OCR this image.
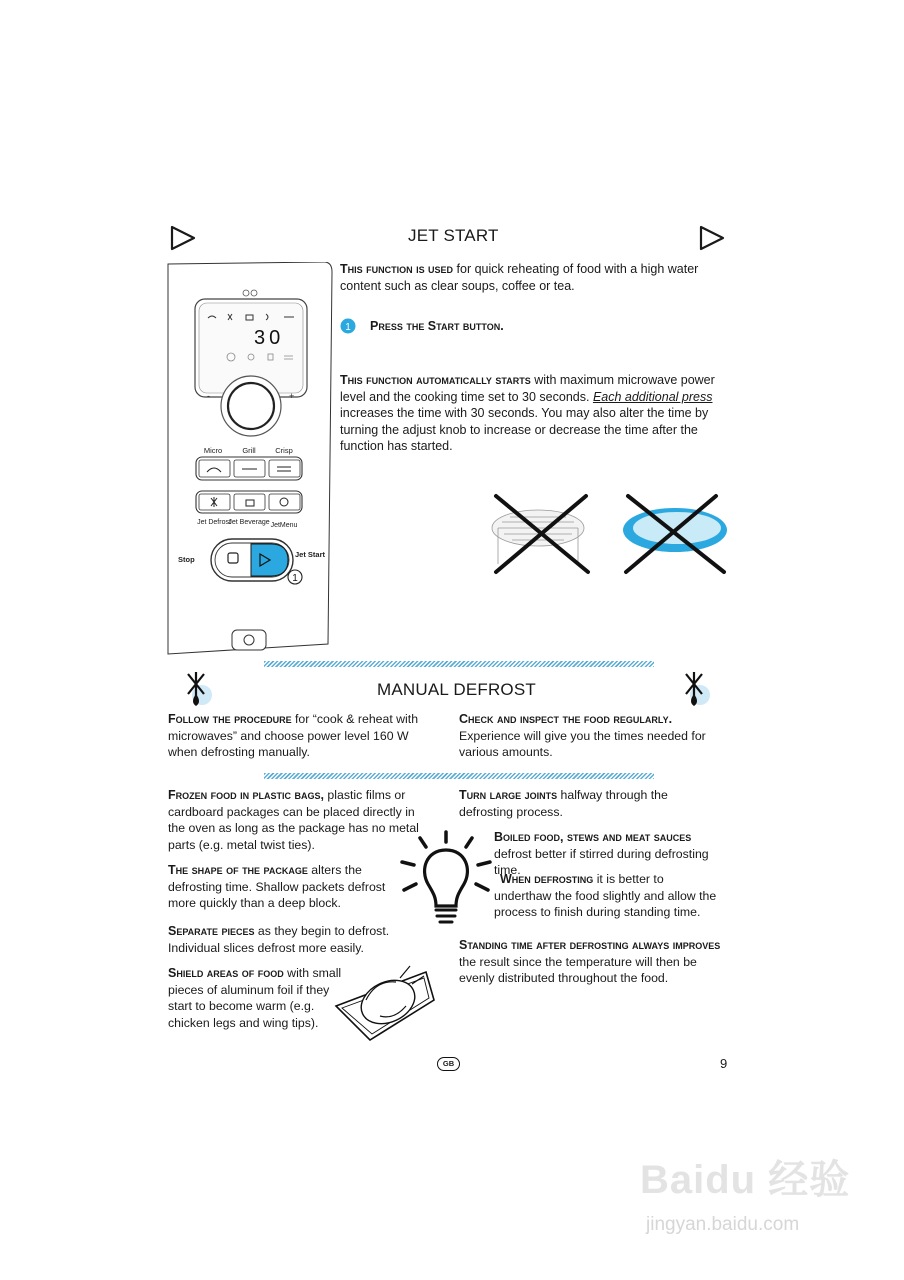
JET START
30
-	+
Micro	Grill	Crisp
Jet Defrost
Jet Beverage JetMenu
Stop
Jet Start
1
This function is used for quick reheating of food with a high water content such as clear soups, coffee or tea.
1 Press the Start button.
This function automatically starts with maximum microwave power level and the cooking time set to 30 seconds. Each additional press increases the time with 30 seconds. You may also alter the time by turning the adjust knob to increase or decrease the time after the function has started.
MANUAL DEFROST
Follow the procedure for “cook & reheat with microwaves” and choose power level 160 W when defrosting manually.
Check and inspect the food regularly. Experience will give you the times needed for various amounts.
Frozen food in plastic bags, plastic films or cardboard packages can be placed directly in the oven as long as the package has no metal parts (e.g. metal twist ties).
The shape of the package alters the defrosting time. Shallow packets defrost more quickly than a deep block.
Separate pieces as they begin to defrost. Individual slices defrost more easily.
Shield areas of food with small pieces of aluminum foil if they start to become warm (e.g. chicken legs and wing tips).
Turn large joints halfway through the defrosting process.
Boiled food, stews and meat sauces defrost better if stirred during defrosting time.
When defrosting it is better to underthaw the food slightly and allow the process to finish during standing time.
Standing time after defrosting always improves the result since the temperature will then be evenly distributed throughout the food.
GB	9
Baidu 经验
jingyan.baidu.com
